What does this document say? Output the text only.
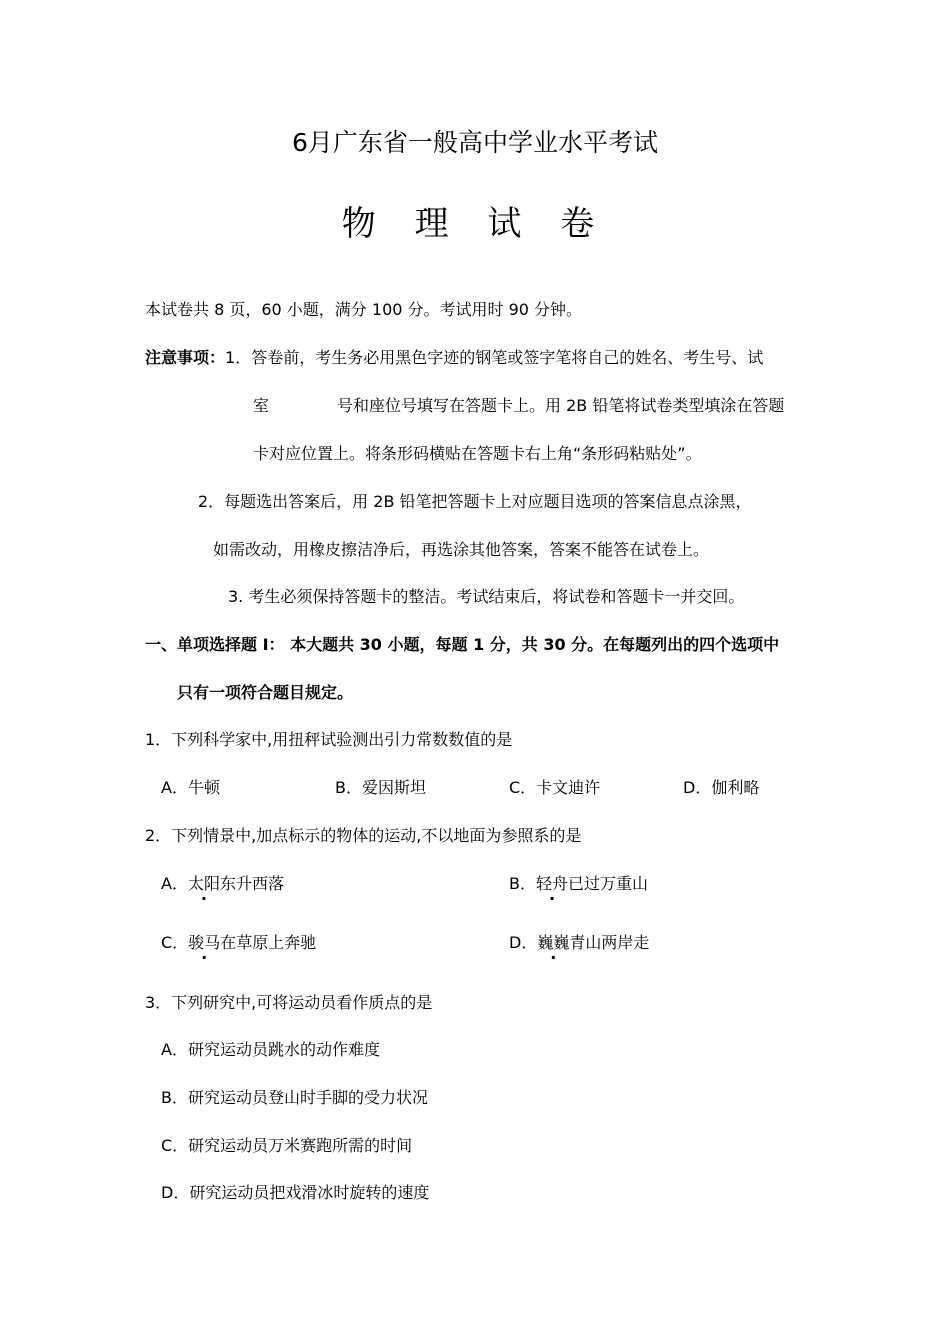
6月广东省一般高中学业水平考试
物 理 试 卷
本试卷共 8 页，60 小题，满分 100 分。考试用时 90 分钟。
注意事项：1．答卷前，考生务必用黑色字迹的钢笔或签字笔将自己的姓名、考生号、试
室	号和座位号填写在答题卡上。用 2B 铅笔将试卷类型填涂在答题
卡对应位置上。将条形码横贴在答题卡右上角“条形码粘贴处”。
2．每题选出答案后，用 2B 铅笔把答题卡上对应题目选项的答案信息点涂黑，
如需改动，用橡皮擦洁净后，再选涂其他答案，答案不能答在试卷上。
3. 考生必须保持答题卡的整洁。考试结束后，将试卷和答题卡一并交回。
一、单项选择题 I： 本大题共 30 小题，每题 1 分，共 30 分。在每题列出的四个选项中
只有一项符合题目规定。
1．下列科学家中,用扭秤试验测出引力常数数值的是
A．牛顿	B．爱因斯坦	C．卡文迪许	D．伽利略
2．下列情景中,加点标示的物体的运动,不以地面为参照系的是
A．太阳东升西落	B．轻舟已过万重山
C．骏马在草原上奔驰	D．巍巍青山两岸走
3．下列研究中,可将运动员看作质点的是
A．研究运动员跳水的动作难度
B．研究运动员登山时手脚的受力状况
C．研究运动员万米赛跑所需的时间
D．研究运动员把戏滑冰时旋转的速度
